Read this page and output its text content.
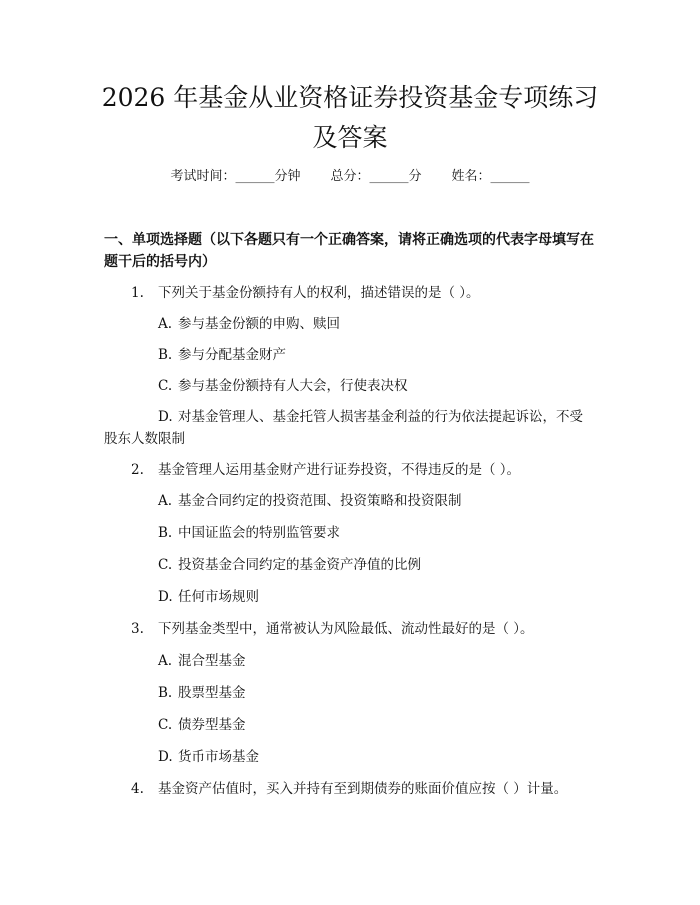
2026 年基金从业资格证券投资基金专项练习
及答案
考试时间：______分钟 总分：______分 姓名：______
一、单项选择题（以下各题只有一个正确答案，请将正确选项的代表字母填写在
题干后的括号内）
1. 下列关于基金份额持有人的权利，描述错误的是（ ）。
A. 参与基金份额的申购、赎回
B. 参与分配基金财产
C. 参与基金份额持有人大会，行使表决权
D. 对基金管理人、基金托管人损害基金利益的行为依法提起诉讼，不受
股东人数限制
2. 基金管理人运用基金财产进行证券投资，不得违反的是（ ）。
A. 基金合同约定的投资范围、投资策略和投资限制
B. 中国证监会的特别监管要求
C. 投资基金合同约定的基金资产净值的比例
D. 任何市场规则
3. 下列基金类型中，通常被认为风险最低、流动性最好的是（ ）。
A. 混合型基金
B. 股票型基金
C. 债券型基金
D. 货币市场基金
4. 基金资产估值时，买入并持有至到期债券的账面价值应按（ ）计量。
